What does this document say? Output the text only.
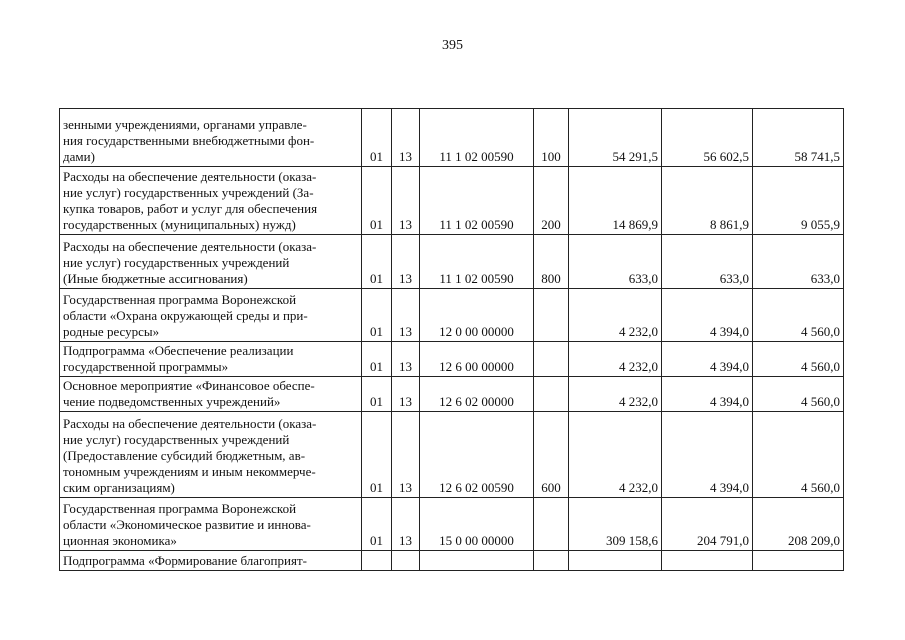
395
зенными учреждениями, органами управле-
ния государственными внебюджетными фон-
дами)	01	13	11 1 02 00590	100	54 291,5	56 602,5	58 741,5

Расходы на обеспечение деятельности (оказа-
ние услуг) государственных учреждений (За-
купка товаров, работ и услуг для обеспечения
государственных (муниципальных) нужд)	01	13	11 1 02 00590	200	14 869,9	8 861,9	9 055,9

Расходы на обеспечение деятельности (оказа-
ние услуг) государственных учреждений
(Иные бюджетные ассигнования)	01	13	11 1 02 00590	800	633,0	633,0	633,0

Государственная программа Воронежской
области «Охрана окружающей среды и при-
родные ресурсы»	01	13	12 0 00 00000		4 232,0	4 394,0	4 560,0

Подпрограмма «Обеспечение реализации
государственной программы»	01	13	12 6 00 00000		4 232,0	4 394,0	4 560,0

Основное мероприятие «Финансовое обеспе-
чение подведомственных учреждений»	01	13	12 6 02 00000		4 232,0	4 394,0	4 560,0

Расходы на обеспечение деятельности (оказа-
ние услуг) государственных учреждений
(Предоставление субсидий бюджетным, ав-
тономным учреждениям и иным некоммерче-
ским организациям)	01	13	12 6 02 00590	600	4 232,0	4 394,0	4 560,0

Государственная программа Воронежской
области «Экономическое развитие и иннова-
ционная экономика»	01	13	15 0 00 00000		309 158,6	204 791,0	208 209,0

Подпрограмма «Формирование благоприят-							
